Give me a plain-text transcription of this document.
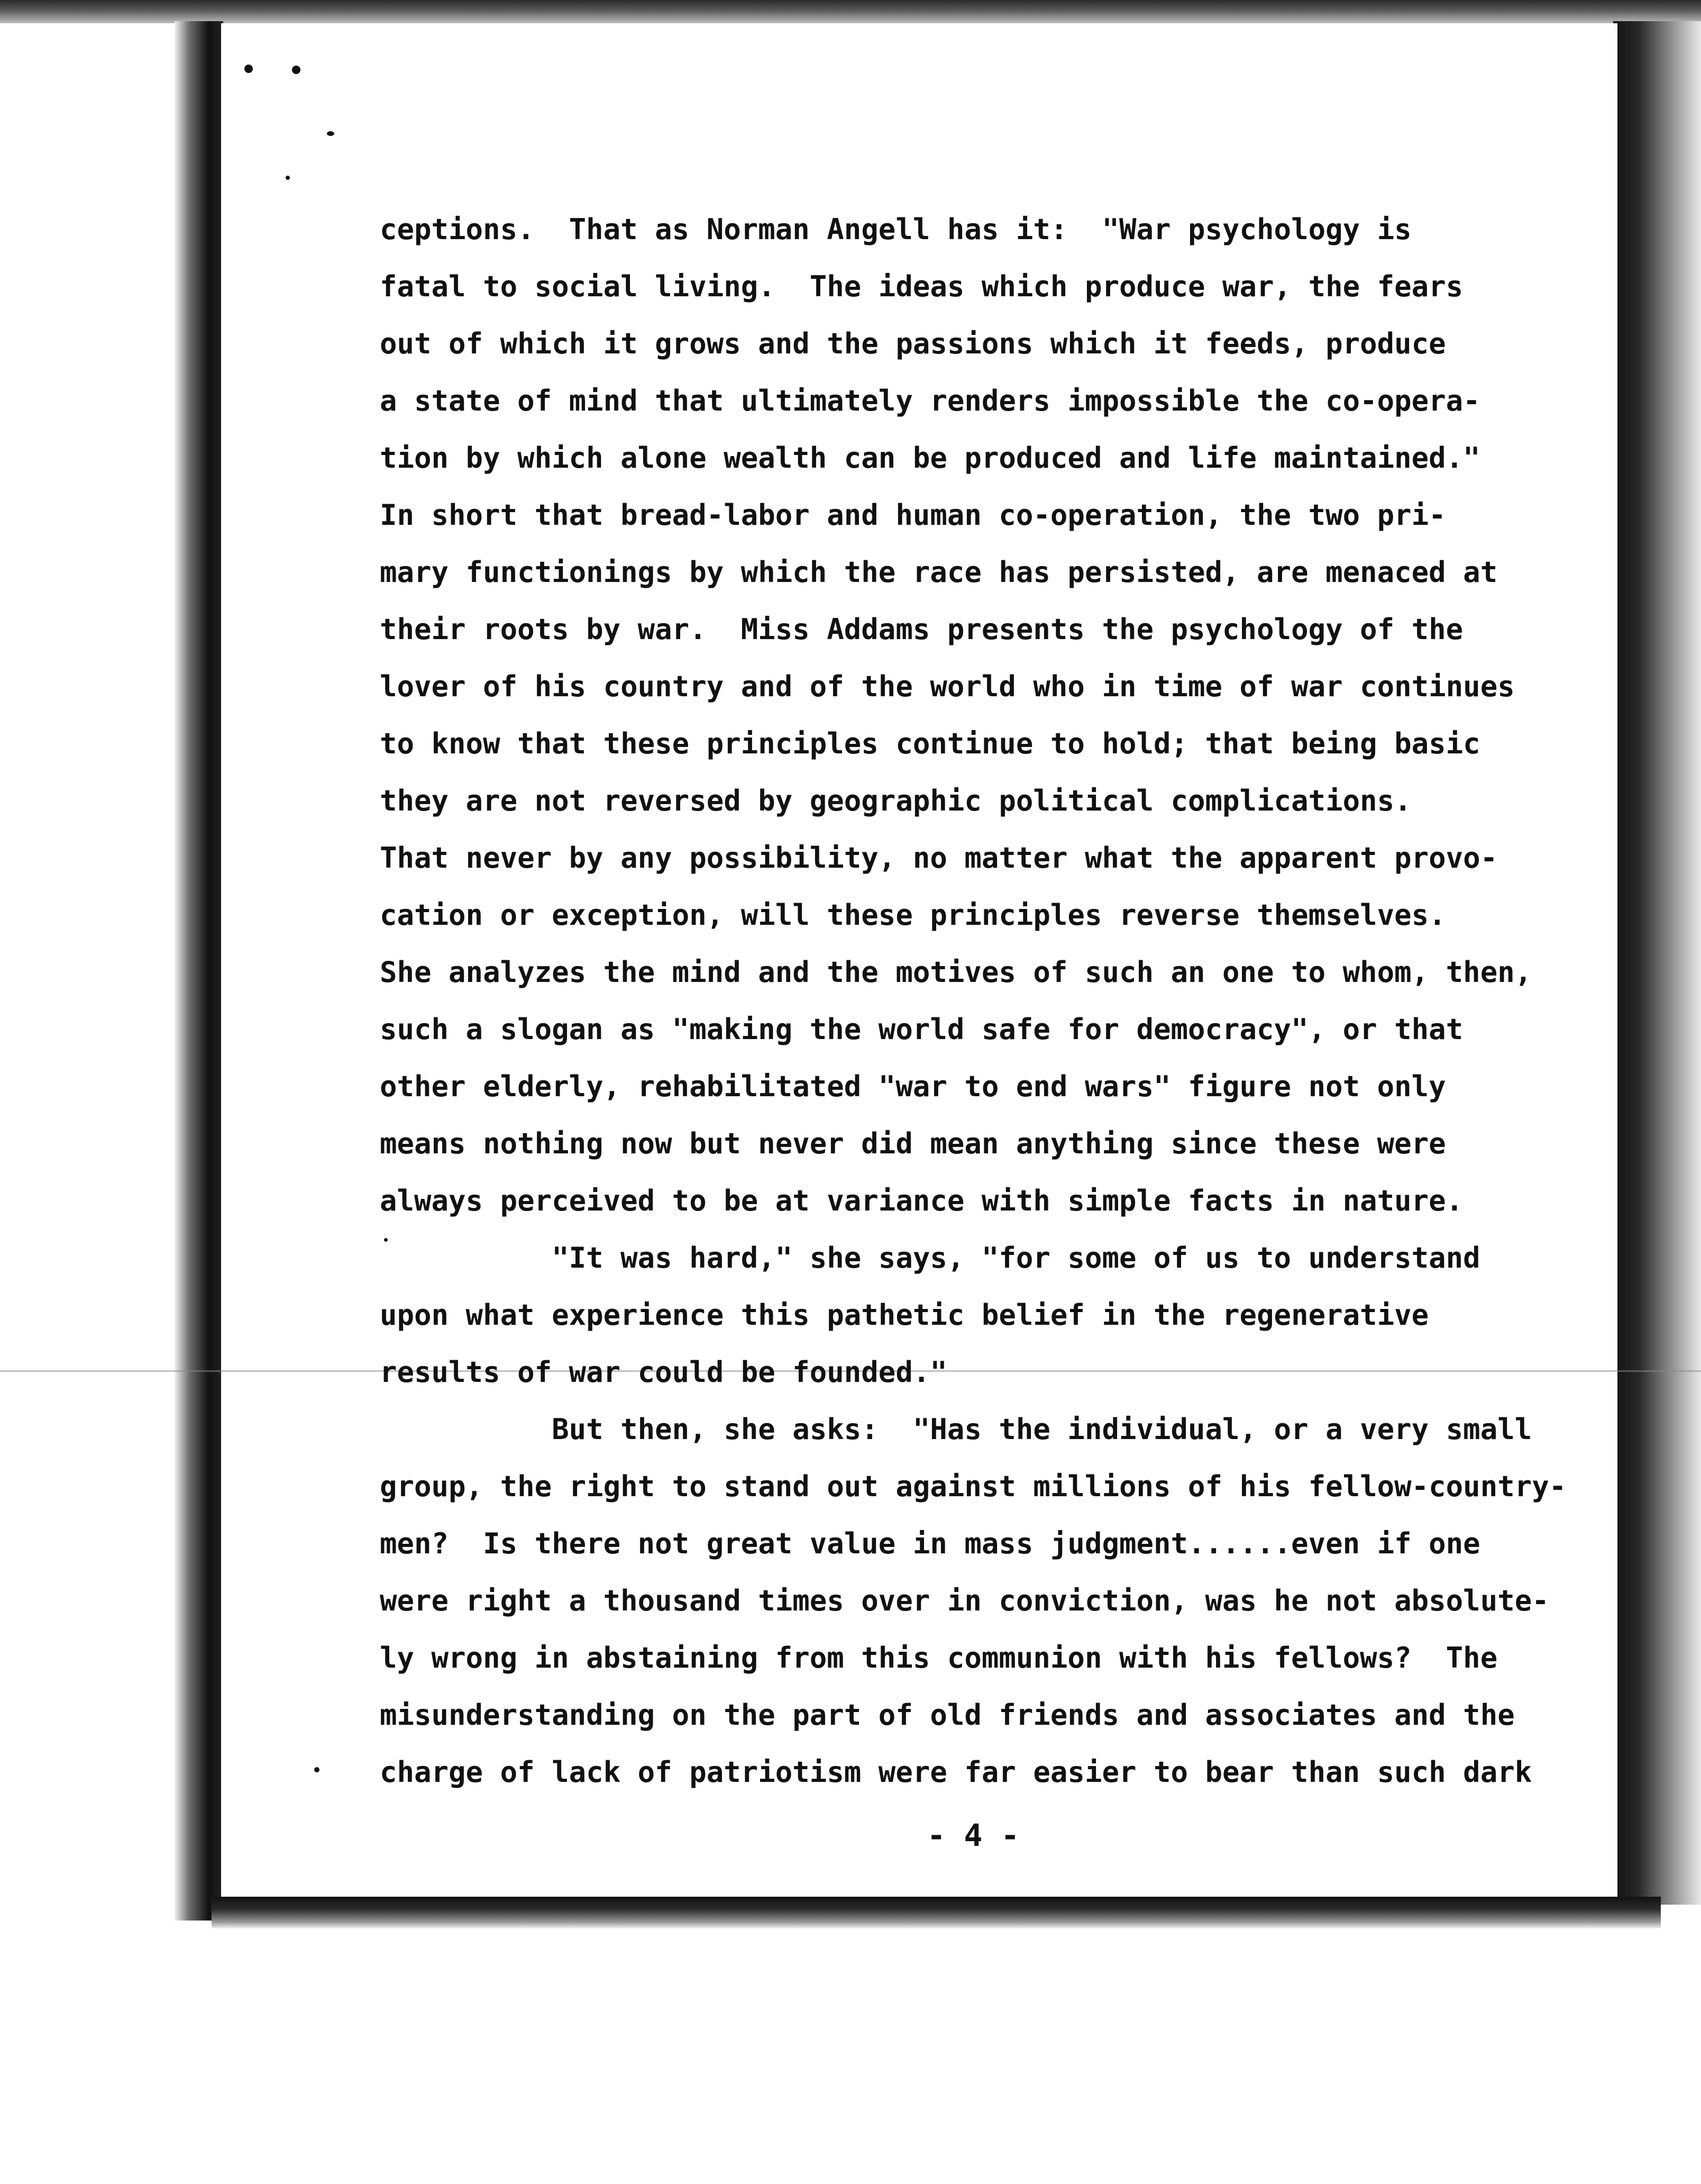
ceptions.  That as Norman Angell has it:  "War psychology is
fatal to social living.  The ideas which produce war, the fears
out of which it grows and the passions which it feeds, produce
a state of mind that ultimately renders impossible the co-opera-
tion by which alone wealth can be produced and life maintained."
In short that bread-labor and human co-operation, the two pri-
mary functionings by which the race has persisted, are menaced at
their roots by war.  Miss Addams presents the psychology of the
lover of his country and of the world who in time of war continues
to know that these principles continue to hold; that being basic
they are not reversed by geographic political complications.
That never by any possibility, no matter what the apparent provo-
cation or exception, will these principles reverse themselves.
She analyzes the mind and the motives of such an one to whom, then,
such a slogan as "making the world safe for democracy", or that
other elderly, rehabilitated "war to end wars" figure not only
means nothing now but never did mean anything since these were
always perceived to be at variance with simple facts in nature.
"It was hard," she says, "for some of us to understand
upon what experience this pathetic belief in the regenerative
results of war could be founded."
But then, she asks:  "Has the individual, or a very small
group, the right to stand out against millions of his fellow-country-
men?  Is there not great value in mass judgment......even if one
were right a thousand times over in conviction, was he not absolute-
ly wrong in abstaining from this communion with his fellows?  The
misunderstanding on the part of old friends and associates and the
charge of lack of patriotism were far easier to bear than such dark
- 4 -
